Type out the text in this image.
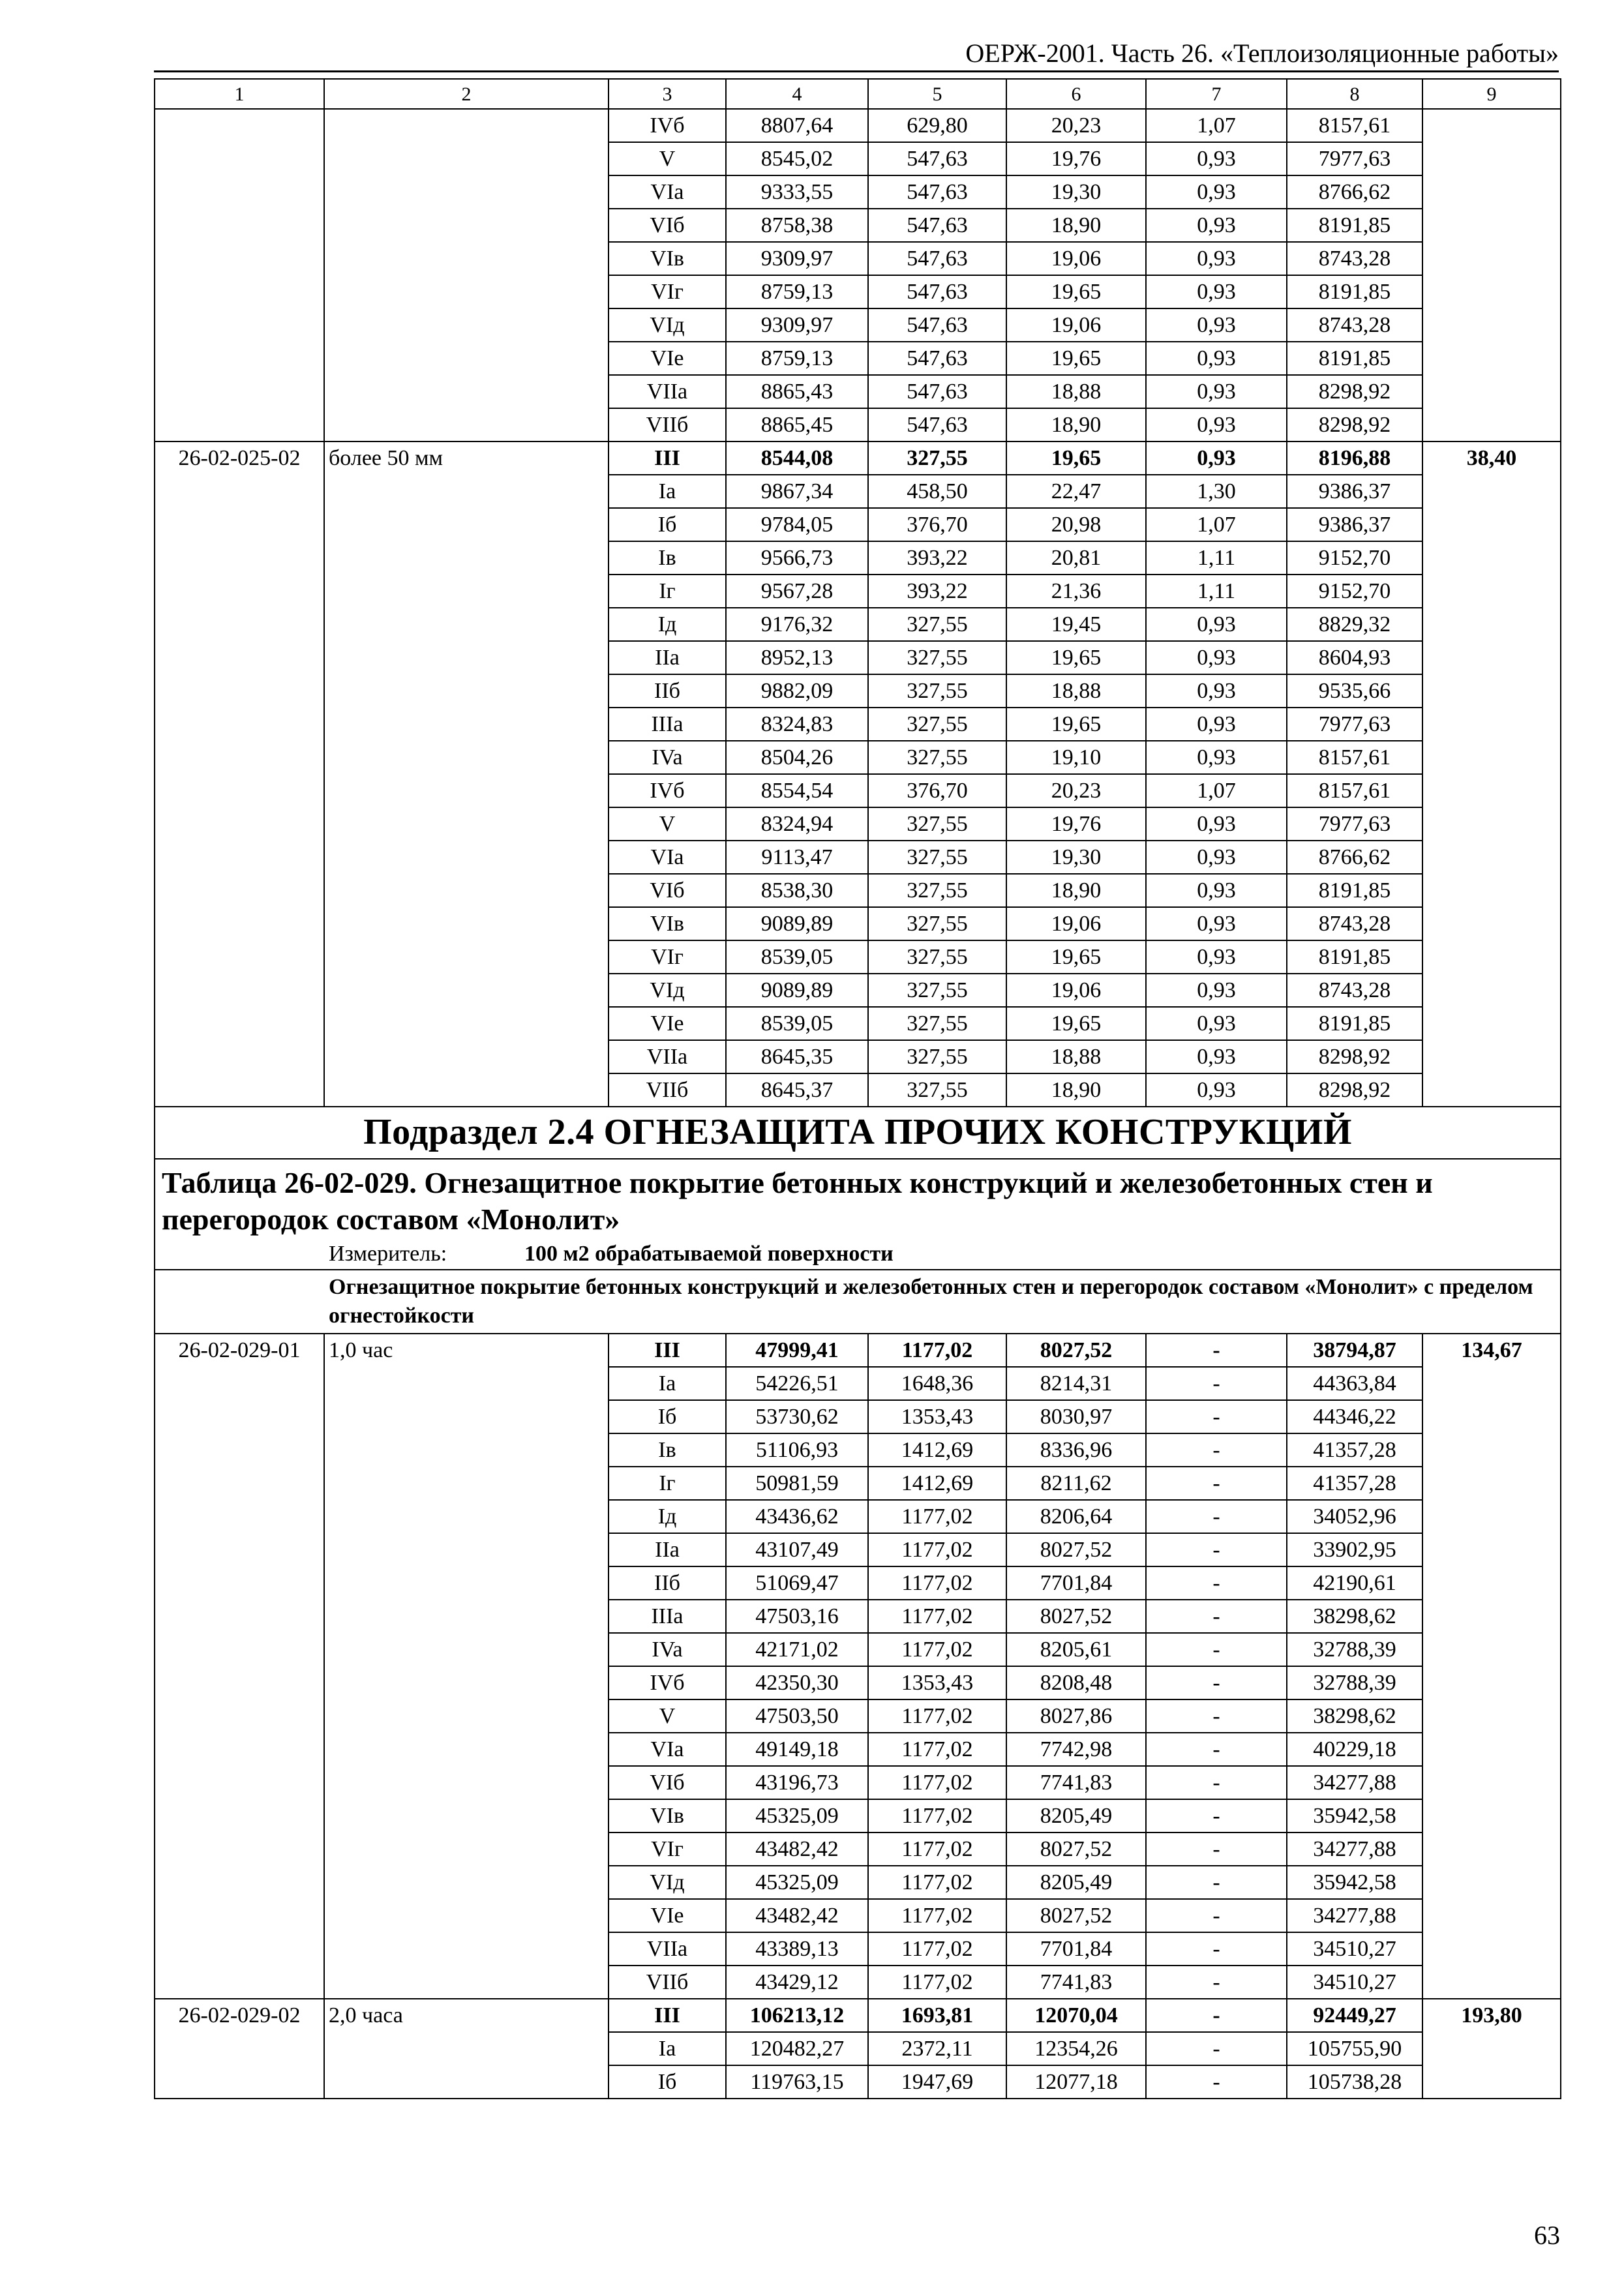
ОЕРЖ-2001. Часть 26. «Теплоизоляционные работы»
1	2	3	4	5	6	7	8	9
		IVб	8807,64	629,80	20,23	1,07	8157,61	
		V	8545,02	547,63	19,76	0,93	7977,63	
		VIa	9333,55	547,63	19,30	0,93	8766,62	
		VIб	8758,38	547,63	18,90	0,93	8191,85	
		VIв	9309,97	547,63	19,06	0,93	8743,28	
		VIг	8759,13	547,63	19,65	0,93	8191,85	
		VIд	9309,97	547,63	19,06	0,93	8743,28	
		VIe	8759,13	547,63	19,65	0,93	8191,85	
		VIIa	8865,43	547,63	18,88	0,93	8298,92	
		VIIб	8865,45	547,63	18,90	0,93	8298,92	
26-02-025-02	более 50 мм	III	8544,08	327,55	19,65	0,93	8196,88	38,40
		Ia	9867,34	458,50	22,47	1,30	9386,37	
		Iб	9784,05	376,70	20,98	1,07	9386,37	
		Iв	9566,73	393,22	20,81	1,11	9152,70	
		Iг	9567,28	393,22	21,36	1,11	9152,70	
		Iд	9176,32	327,55	19,45	0,93	8829,32	
		IIa	8952,13	327,55	19,65	0,93	8604,93	
		IIб	9882,09	327,55	18,88	0,93	9535,66	
		IIIa	8324,83	327,55	19,65	0,93	7977,63	
		IVa	8504,26	327,55	19,10	0,93	8157,61	
		IVб	8554,54	376,70	20,23	1,07	8157,61	
		V	8324,94	327,55	19,76	0,93	7977,63	
		VIa	9113,47	327,55	19,30	0,93	8766,62	
		VIб	8538,30	327,55	18,90	0,93	8191,85	
		VIв	9089,89	327,55	19,06	0,93	8743,28	
		VIг	8539,05	327,55	19,65	0,93	8191,85	
		VIд	9089,89	327,55	19,06	0,93	8743,28	
		VIe	8539,05	327,55	19,65	0,93	8191,85	
		VIIa	8645,35	327,55	18,88	0,93	8298,92	
		VIIб	8645,37	327,55	18,90	0,93	8298,92	
Подраздел 2.4 ОГНЕЗАЩИТА ПРОЧИХ КОНСТРУКЦИЙ								
Таблица 26-02-029. Огнезащитное покрытие бетонных конструкций и железобетонных стен и перегородок составом «Монолит»								
Измеритель: 100 м2 обрабатываемой поверхности								
Огнезащитное покрытие бетонных конструкций и железобетонных стен и перегородок составом «Монолит» с пределом огнестойкости								
26-02-029-01	1,0 час	III	47999,41	1177,02	8027,52	-	38794,87	134,67
		Ia	54226,51	1648,36	8214,31	-	44363,84	
		Iб	53730,62	1353,43	8030,97	-	44346,22	
		Iв	51106,93	1412,69	8336,96	-	41357,28	
		Iг	50981,59	1412,69	8211,62	-	41357,28	
		Iд	43436,62	1177,02	8206,64	-	34052,96	
		IIa	43107,49	1177,02	8027,52	-	33902,95	
		IIб	51069,47	1177,02	7701,84	-	42190,61	
		IIIa	47503,16	1177,02	8027,52	-	38298,62	
		IVa	42171,02	1177,02	8205,61	-	32788,39	
		IVб	42350,30	1353,43	8208,48	-	32788,39	
		V	47503,50	1177,02	8027,86	-	38298,62	
		VIa	49149,18	1177,02	7742,98	-	40229,18	
		VIб	43196,73	1177,02	7741,83	-	34277,88	
		VIв	45325,09	1177,02	8205,49	-	35942,58	
		VIг	43482,42	1177,02	8027,52	-	34277,88	
		VIд	45325,09	1177,02	8205,49	-	35942,58	
		VIe	43482,42	1177,02	8027,52	-	34277,88	
		VIIa	43389,13	1177,02	7701,84	-	34510,27	
		VIIб	43429,12	1177,02	7741,83	-	34510,27	
26-02-029-02	2,0 часа	III	106213,12	1693,81	12070,04	-	92449,27	193,80
		Ia	120482,27	2372,11	12354,26	-	105755,90	
		Iб	119763,15	1947,69	12077,18	-	105738,28	
63
